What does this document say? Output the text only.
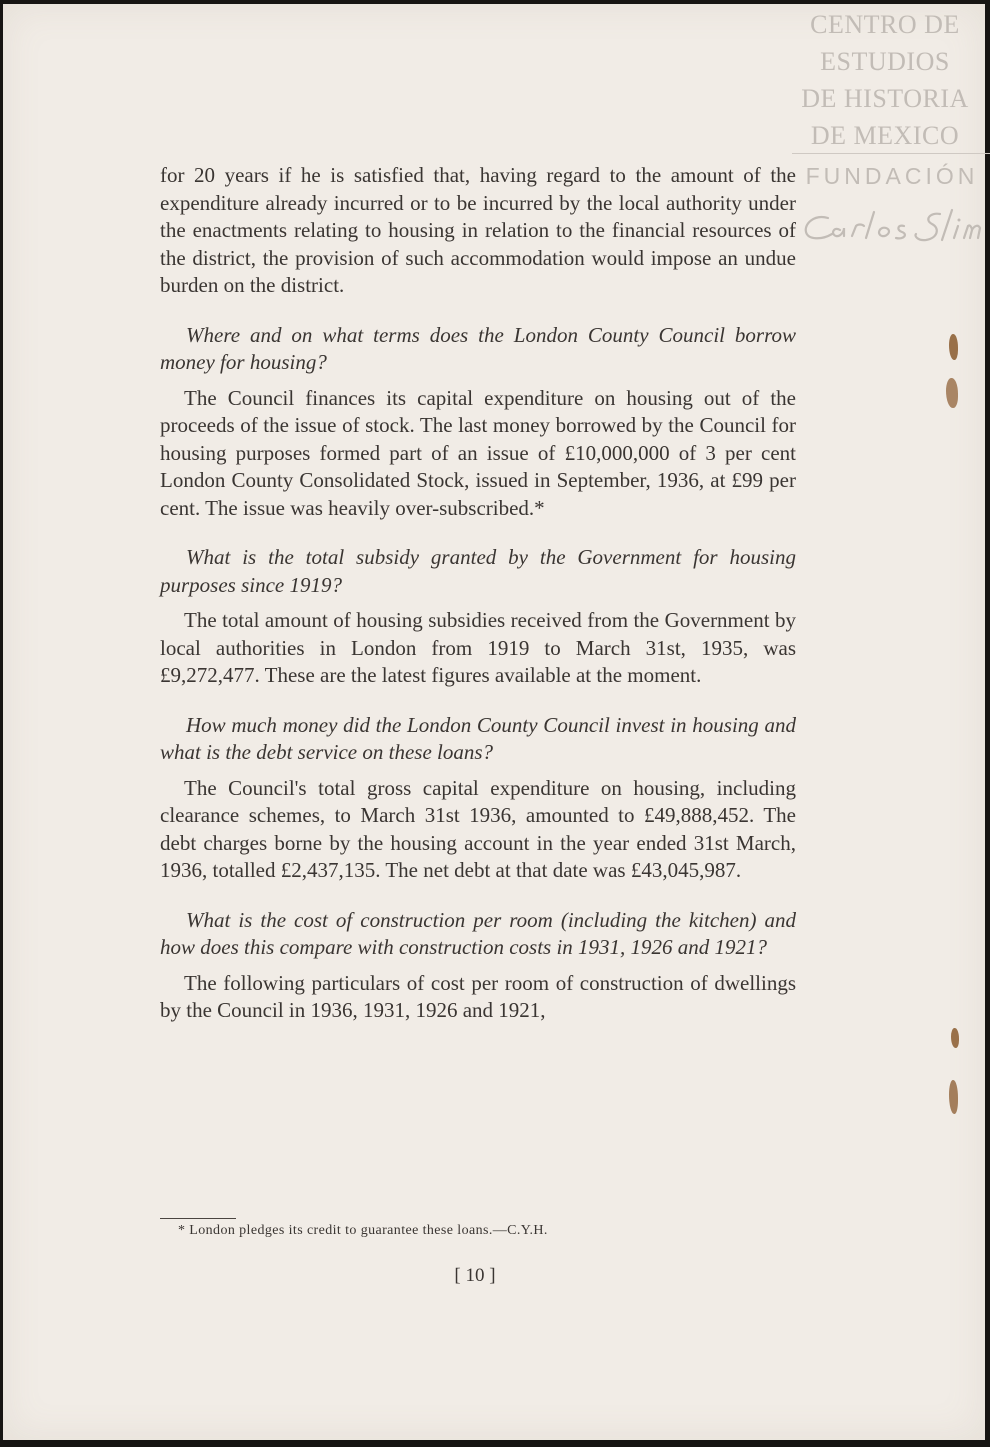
CENTRO DE
ESTUDIOS
DE HISTORIA
DE MEXICO
FUNDACIÓN

for 20 years if he is satisfied that, having regard to the amount of the expenditure already incurred or to be incurred by the local authority under the enactments relating to housing in relation to the financial resources of the district, the provision of such accommodation would impose an undue burden on the district.

Where and on what terms does the London County Council borrow money for housing?

The Council finances its capital expenditure on housing out of the proceeds of the issue of stock. The last money borrowed by the Council for housing purposes formed part of an issue of £10,000,000 of 3 per cent London County Consolidated Stock, issued in September, 1936, at £99 per cent. The issue was heavily over-subscribed.*

What is the total subsidy granted by the Government for housing purposes since 1919?

The total amount of housing subsidies received from the Government by local authorities in London from 1919 to March 31st, 1935, was £9,272,477. These are the latest figures available at the moment.

How much money did the London County Council invest in housing and what is the debt service on these loans?

The Council's total gross capital expenditure on housing, including clearance schemes, to March 31st 1936, amounted to £49,888,452. The debt charges borne by the housing account in the year ended 31st March, 1936, totalled £2,437,135. The net debt at that date was £43,045,987.

What is the cost of construction per room (including the kitchen) and how does this compare with construction costs in 1931, 1926 and 1921?

The following particulars of cost per room of construction of dwellings by the Council in 1936, 1931, 1926 and 1921,

* London pledges its credit to guarantee these loans.—C.Y.H.
[ 10 ]
